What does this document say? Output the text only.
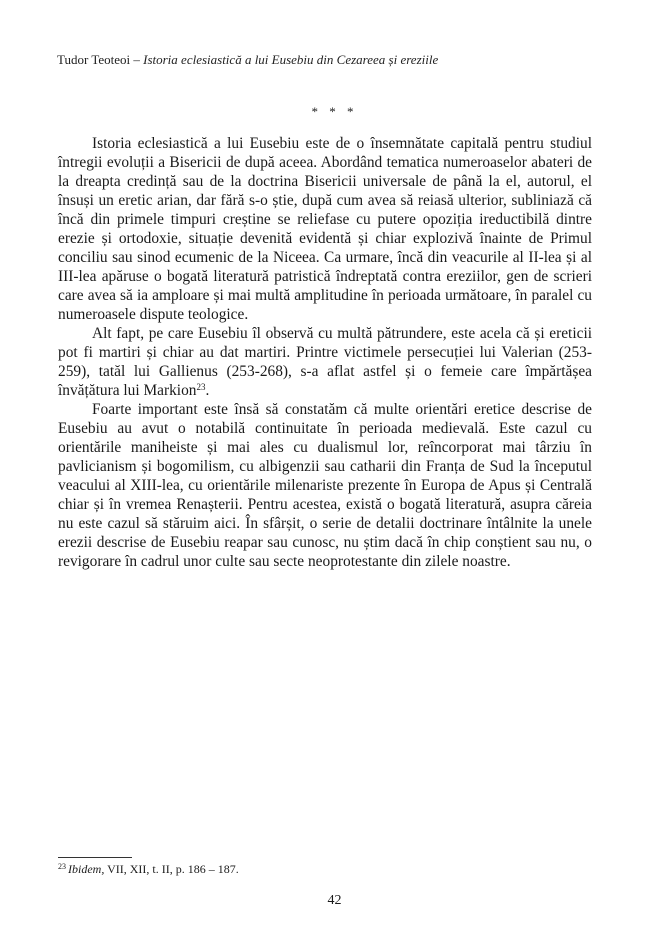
Tudor Teoteoi – Istoria eclesiastică a lui Eusebiu din Cezareea și ereziile
* * *

Istoria eclesiastică a lui Eusebiu este de o însemnătate capitală pentru studiul întregii evoluții a Bisericii de după aceea. Abordând tematica numeroaselor abateri de la dreapta credință sau de la doctrina Bisericii universale de până la el, autorul, el însuși un eretic arian, dar fără s-o știe, după cum avea să reiasă ulterior, subliniază că încă din primele timpuri creștine se reliefase cu putere opoziția ireductibilă dintre erezie și ortodoxie, situație devenită evidentă și chiar explozivă înainte de Primul conciliu sau sinod ecumenic de la Niceea. Ca urmare, încă din veacurile al II-lea și al III-lea apăruse o bogată literatură patristică îndreptată contra ereziilor, gen de scrieri care avea să ia amploare și mai multă amplitudine în perioada următoare, în paralel cu numeroasele dispute teologice.

Alt fapt, pe care Eusebiu îl observă cu multă pătrundere, este acela că și ereticii pot fi martiri și chiar au dat martiri. Printre victimele persecuției lui Valerian (253-259), tatăl lui Gallienus (253-268), s-a aflat astfel și o femeie care împărtășea învățătura lui Markion$^{23}$.

Foarte important este însă să constatăm că multe orientări eretice descrise de Eusebiu au avut o notabilă continuitate în perioada medievală. Este cazul cu orientările maniheiste și mai ales cu dualismul lor, reîncorporat mai târziu în pavlicianism și bogomilism, cu albigenzii sau catharii din Franța de Sud la începutul veacului al XIII-lea, cu orientările milenariste prezente în Europa de Apus și Centrală chiar și în vremea Renașterii. Pentru acestea, există o bogată literatură, asupra căreia nu este cazul să stăruim aici. În sfârșit, o serie de detalii doctrinare întâlnite la unele erezii descrise de Eusebiu reapar sau cunosc, nu știm dacă în chip conștient sau nu, o revigorare în cadrul unor culte sau secte neoprotestante din zilele noastre.

$^{23}$ Ibidem, VII, XII, t. II, p. 186 – 187.
42
